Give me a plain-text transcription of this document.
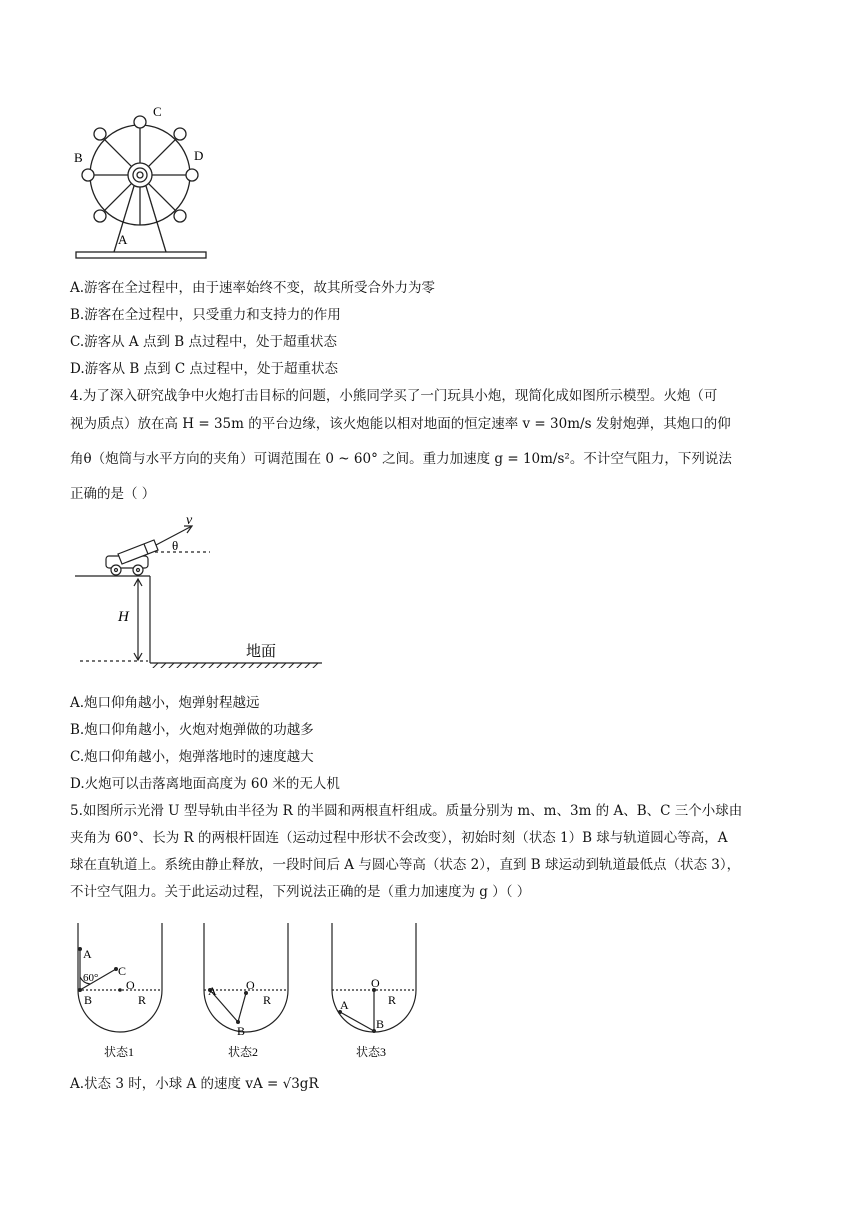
C
B	D
A
A.游客在全过程中，由于速率始终不变，故其所受合外力为零
B.游客在全过程中，只受重力和支持力的作用
C.游客从 A 点到 B 点过程中，处于超重状态
D.游客从 B 点到 C 点过程中，处于超重状态
4.为了深入研究战争中火炮打击目标的问题，小熊同学买了一门玩具小炮，现简化成如图所示模型。火炮（可
视为质点）放在高 H = 35m 的平台边缘，该火炮能以相对地面的恒定速率 v = 30m/s 发射炮弹，其炮口的仰
角θ（炮筒与水平方向的夹角）可调范围在 0 ~ 60° 之间。重力加速度 g = 10m/s²。不计空气阻力，下列说法
正确的是（ ）
v
θ
H
地面
A.炮口仰角越小，炮弹射程越远
B.炮口仰角越小，火炮对炮弹做的功越多
C.炮口仰角越小，炮弹落地时的速度越大
D.火炮可以击落离地面高度为 60 米的无人机
5.如图所示光滑 U 型导轨由半径为 R 的半圆和两根直杆组成。质量分别为 m、m、3m 的 A、B、C 三个小球由
夹角为 60°、长为 R 的两根杆固连（运动过程中形状不会改变），初始时刻（状态 1）B 球与轨道圆心等高，A
球在直轨道上。系统由静止释放，一段时间后 A 与圆心等高（状态 2），直到 B 球运动到轨道最低点（状态 3），
不计空气阻力。关于此运动过程，下列说法正确的是（重力加速度为 g ）（ ）
A
60° C
O
B	R
A O
R
B
O
R
A
B
状态1	状态2	状态3
A.状态 3 时，小球 A 的速度 vA = √3gR
